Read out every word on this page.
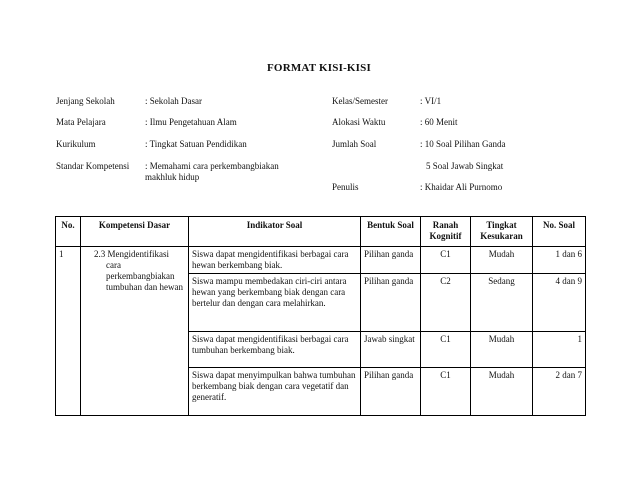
FORMAT KISI-KISI
Jenjang Sekolah	: Sekolah Dasar	Kelas/Semester	: VI/1
Mata Pelajara	: Ilmu Pengetahuan Alam	Alokasi Waktu	: 60 Menit
Kurikulum	: Tingkat Satuan Pendidikan	Jumlah Soal	: 10 Soal Pilihan Ganda
Standar Kompetensi : Memahami cara perkembangbiakan makhluk hidup
5 Soal Jawab Singkat
Penulis	: Khaidar Ali Purnomo
No.	Kompetensi Dasar	Indikator Soal	Bentuk Soal	Ranah Kognitif	Tingkat Kesukaran	No. Soal
1	2.3 Mengidentifikasi cara perkembangbiakan tumbuhan dan hewan	Siswa dapat mengidentifikasi berbagai cara hewan berkembang biak.	Pilihan ganda	C1	Mudah	1 dan 6
		Siswa mampu membedakan ciri-ciri antara hewan yang berkembang biak dengan cara bertelur dan dengan cara melahirkan.	Pilihan ganda	C2	Sedang	4 dan 9
		Siswa dapat mengidentifikasi berbagai cara tumbuhan berkembang biak.	Jawab singkat	C1	Mudah	1
		Siswa dapat menyimpulkan bahwa tumbuhan berkembang biak dengan cara vegetatif dan generatif.	Pilihan ganda	C1	Mudah	2 dan 7
